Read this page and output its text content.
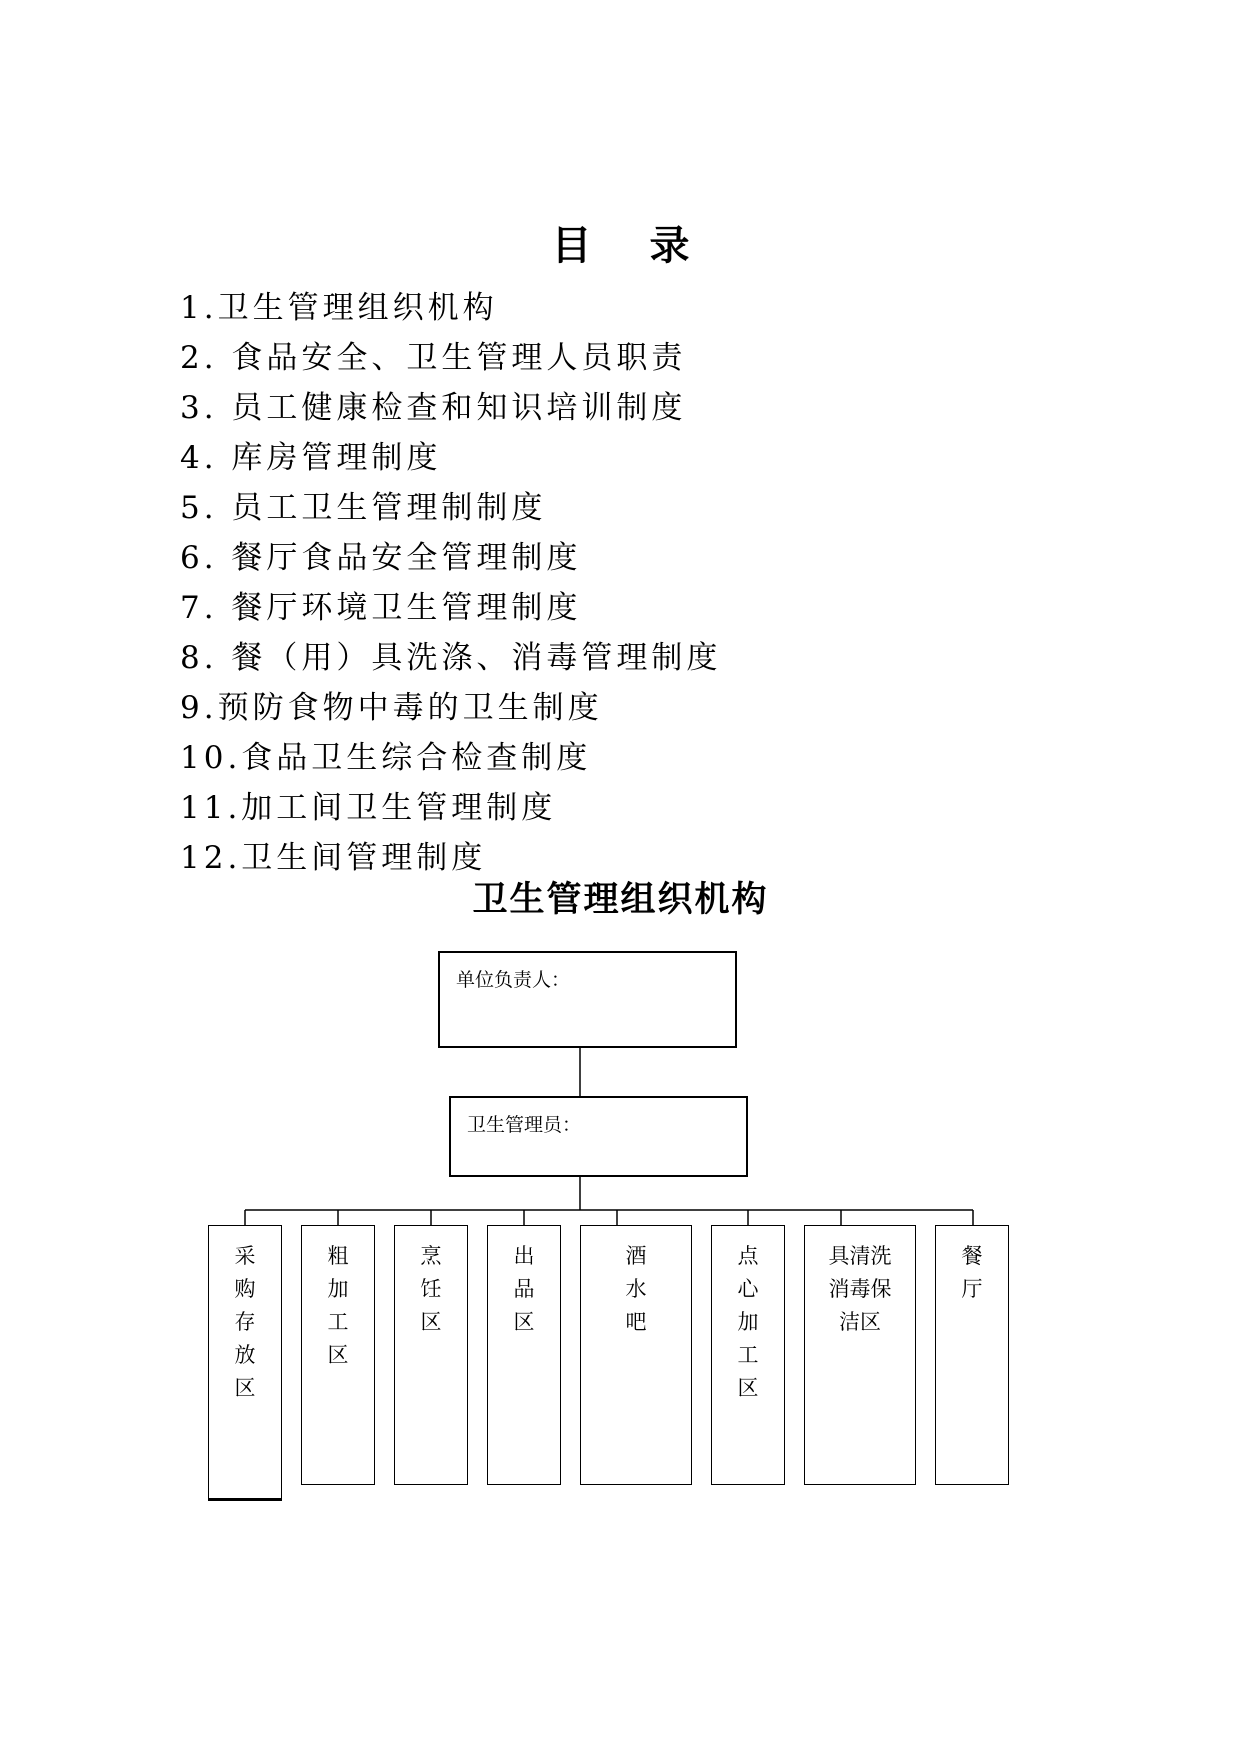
目 录
1.卫生管理组织机构
2. 食品安全、卫生管理人员职责
3. 员工健康检查和知识培训制度
4. 库房管理制度
5. 员工卫生管理制制度
6. 餐厅食品安全管理制度
7. 餐厅环境卫生管理制度
8. 餐（用）具洗涤、消毒管理制度
9.预防食物中毒的卫生制度
10.食品卫生综合检查制度
11.加工间卫生管理制度
12.卫生间管理制度
卫生管理组织机构
单位负责人：
卫生管理员：
采购存放区
粗加工区
烹饪区
出品区
酒水吧
点心加工区
具清洗消毒保洁区
餐厅
